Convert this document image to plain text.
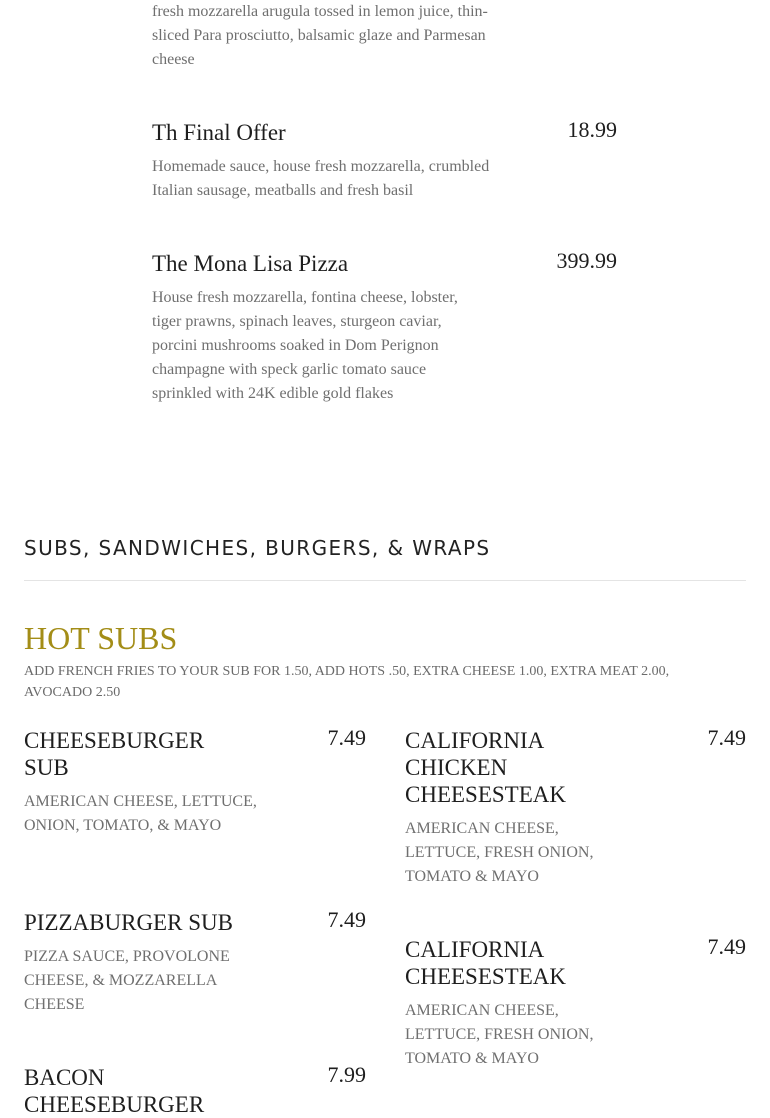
fresh mozzarella arugula tossed in lemon juice, thin-sliced Para prosciutto, balsamic glaze and Parmesan cheese
Th Final Offer	18.99
Homemade sauce, house fresh mozzarella, crumbled Italian sausage, meatballs and fresh basil
The Mona Lisa Pizza	399.99
House fresh mozzarella, fontina cheese, lobster, tiger prawns, spinach leaves, sturgeon caviar, porcini mushrooms soaked in Dom Perignon champagne with speck garlic tomato sauce sprinkled with 24K edible gold flakes
SUBS, SANDWICHES, BURGERS, & WRAPS
HOT SUBS
ADD FRENCH FRIES TO YOUR SUB FOR 1.50, ADD HOTS .50, EXTRA CHEESE 1.00, EXTRA MEAT 2.00, AVOCADO 2.50
CHEESEBURGER SUB
7.49
AMERICAN CHEESE, LETTUCE, ONION, TOMATO, & MAYO
CALIFORNIA CHICKEN CHEESESTEAK
7.49
AMERICAN CHEESE, LETTUCE, FRESH ONION, TOMATO & MAYO
PIZZABURGER SUB	7.49
PIZZA SAUCE, PROVOLONE CHEESE, & MOZZARELLA CHEESE
CALIFORNIA CHEESESTEAK
7.49
AMERICAN CHEESE, LETTUCE, FRESH ONION, TOMATO & MAYO
BACON CHEESEBURGER
7.99
